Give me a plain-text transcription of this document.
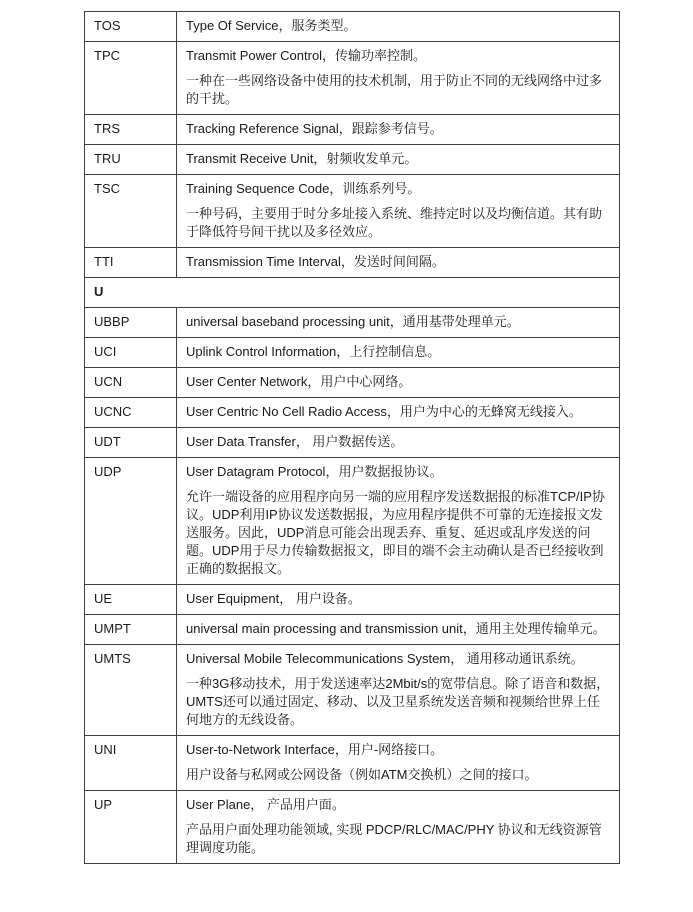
TOS	Type Of Service，服务类型。

TPC	Transmit Power Control，传输功率控制。

一种在一些网络设备中使用的技术机制，用于防止不同的无线网络中过多的干扰。

TRS	Tracking Reference Signal，跟踪参考信号。

TRU	Transmit Receive Unit，射频收发单元。

TSC	Training Sequence Code，训练系列号。

一种号码，主要用于时分多址接入系统、维持定时以及均衡信道。其有助于降低符号间干扰以及多径效应。

TTI	Transmission Time Interval，发送时间间隔。

U	
UBBP	universal baseband processing unit，通用基带处理单元。

UCI	Uplink Control Information，上行控制信息。

UCN	User Center Network，用户中心网络。

UCNC	User Centric No Cell Radio Access，用户为中心的无蜂窝无线接入。

UDT	User Data Transfer， 用户数据传送。

UDP	User Datagram Protocol，用户数据报协议。

允许一端设备的应用程序向另一端的应用程序发送数据报的标准TCP/IP协议。UDP利用IP协议发送数据报，为应用程序提供不可靠的无连接报文发送服务。因此，UDP消息可能会出现丢弃、重复、延迟或乱序发送的问题。UDP用于尽力传输数据报文，即目的端不会主动确认是否已经接收到正确的数据报文。

UE	User Equipment， 用户设备。

UMPT	universal main processing and transmission unit，通用主处理传输单元。

UMTS	Universal Mobile Telecommunications System， 通用移动通讯系统。

一种3G移动技术，用于发送速率达2Mbit/s的宽带信息。除了语音和数据，UMTS还可以通过固定、移动、以及卫星系统发送音频和视频给世界上任何地方的无线设备。

UNI	User-to-Network Interface，用户-网络接口。

用户设备与私网或公网设备（例如ATM交换机）之间的接口。

UP	User Plane， 产品用户面。

产品用户面处理功能领域, 实现 PDCP/RLC/MAC/PHY 协议和无线资源管理调度功能。
